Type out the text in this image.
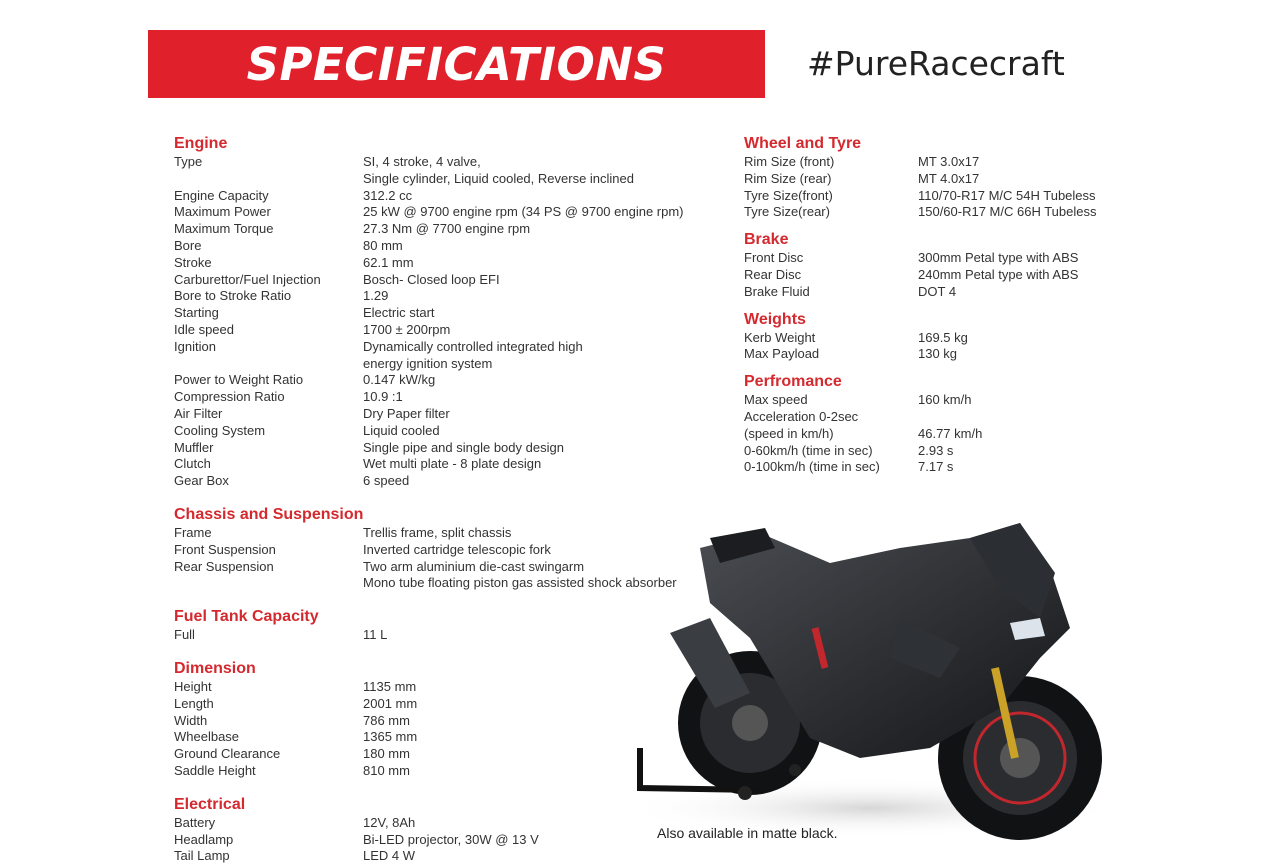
SPECIFICATIONS	#PureRacecraft
Engine
Type	SI, 4 stroke, 4 valve,
Single cylinder, Liquid cooled, Reverse inclined
Engine Capacity	312.2 cc
Maximum Power	25 kW @ 9700 engine rpm (34 PS @ 9700 engine rpm)
Maximum Torque	27.3 Nm @ 7700 engine rpm
Bore	80 mm
Stroke	62.1 mm
Carburettor/Fuel Injection	Bosch- Closed loop EFI
Bore to Stroke Ratio	1.29
Starting	Electric start
Idle speed	1700 ± 200rpm
Ignition	Dynamically controlled integrated high
energy ignition system
Power to Weight Ratio	0.147 kW/kg
Compression Ratio	10.9 :1
Air Filter	Dry Paper filter
Cooling System	Liquid cooled
Muffler	Single pipe and single body design
Clutch	Wet multi plate - 8 plate design
Gear Box	6 speed
Chassis and Suspension
Frame	Trellis frame, split chassis
Front Suspension	Inverted cartridge telescopic fork
Rear Suspension	Two arm aluminium die-cast swingarm
Mono tube floating piston gas assisted shock absorber
Fuel Tank Capacity
Full	11 L
Dimension
Height	1135 mm
Length	2001 mm
Width	786 mm
Wheelbase	1365 mm
Ground Clearance	180 mm
Saddle Height	810 mm
Electrical
Battery	12V, 8Ah
Headlamp	Bi-LED projector, 30W @ 13 V
Tail Lamp	LED 4 W
Wheel and Tyre
Rim Size (front)	MT 3.0x17
Rim Size (rear)	MT 4.0x17
Tyre Size(front)	110/70-R17 M/C 54H Tubeless
Tyre Size(rear)	150/60-R17 M/C 66H Tubeless
Brake
Front Disc	300mm Petal type with ABS
Rear Disc	240mm Petal type with ABS
Brake Fluid	DOT 4
Weights
Kerb Weight	169.5 kg
Max Payload	130 kg
Perfromance
Max speed	160 km/h
Acceleration 0-2sec
(speed in km/h)	46.77 km/h
0-60km/h (time in sec)	2.93 s
0-100km/h (time in sec)	7.17 s
Also available in matte black.
